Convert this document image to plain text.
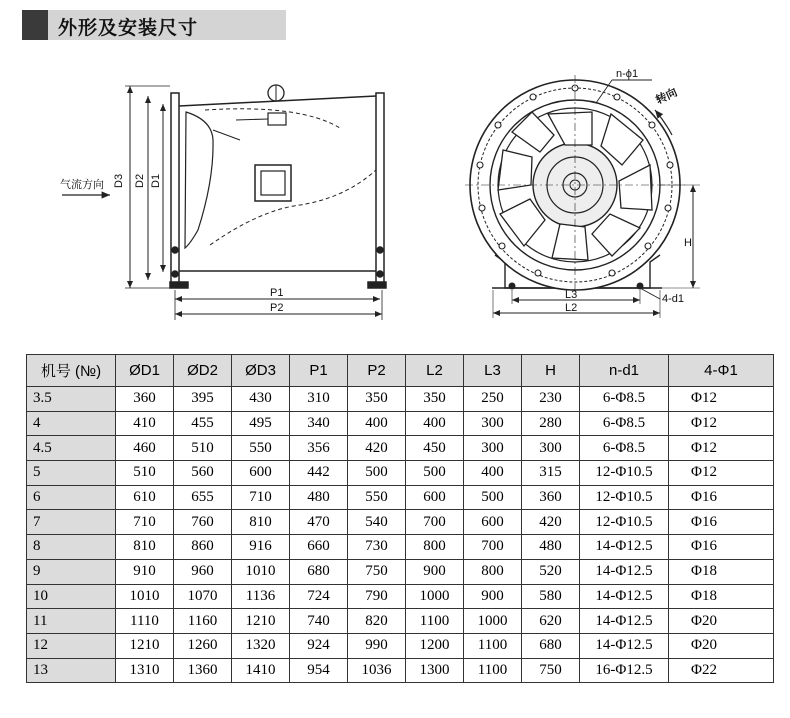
外形及安装尺寸
气流方向 D3 D2 D1
P1
P2
n-ϕ1
转向
H
L3
L2
4-d1
机号 (№)	ØD1	ØD2	ØD3	P1	P2	L2	L3	H	n-d1	4-Φ1
3.5	360	395	430	310	350	350	250	230	6-Φ8.5	Φ12
4	410	455	495	340	400	400	300	280	6-Φ8.5	Φ12
4.5	460	510	550	356	420	450	300	300	6-Φ8.5	Φ12
5	510	560	600	442	500	500	400	315	12-Φ10.5	Φ12
6	610	655	710	480	550	600	500	360	12-Φ10.5	Φ16
7	710	760	810	470	540	700	600	420	12-Φ10.5	Φ16
8	810	860	916	660	730	800	700	480	14-Φ12.5	Φ16
9	910	960	1010	680	750	900	800	520	14-Φ12.5	Φ18
10	1010	1070	1136	724	790	1000	900	580	14-Φ12.5	Φ18
11	1110	1160	1210	740	820	1100	1000	620	14-Φ12.5	Φ20
12	1210	1260	1320	924	990	1200	1100	680	14-Φ12.5	Φ20
13	1310	1360	1410	954	1036	1300	1100	750	16-Φ12.5	Φ22
